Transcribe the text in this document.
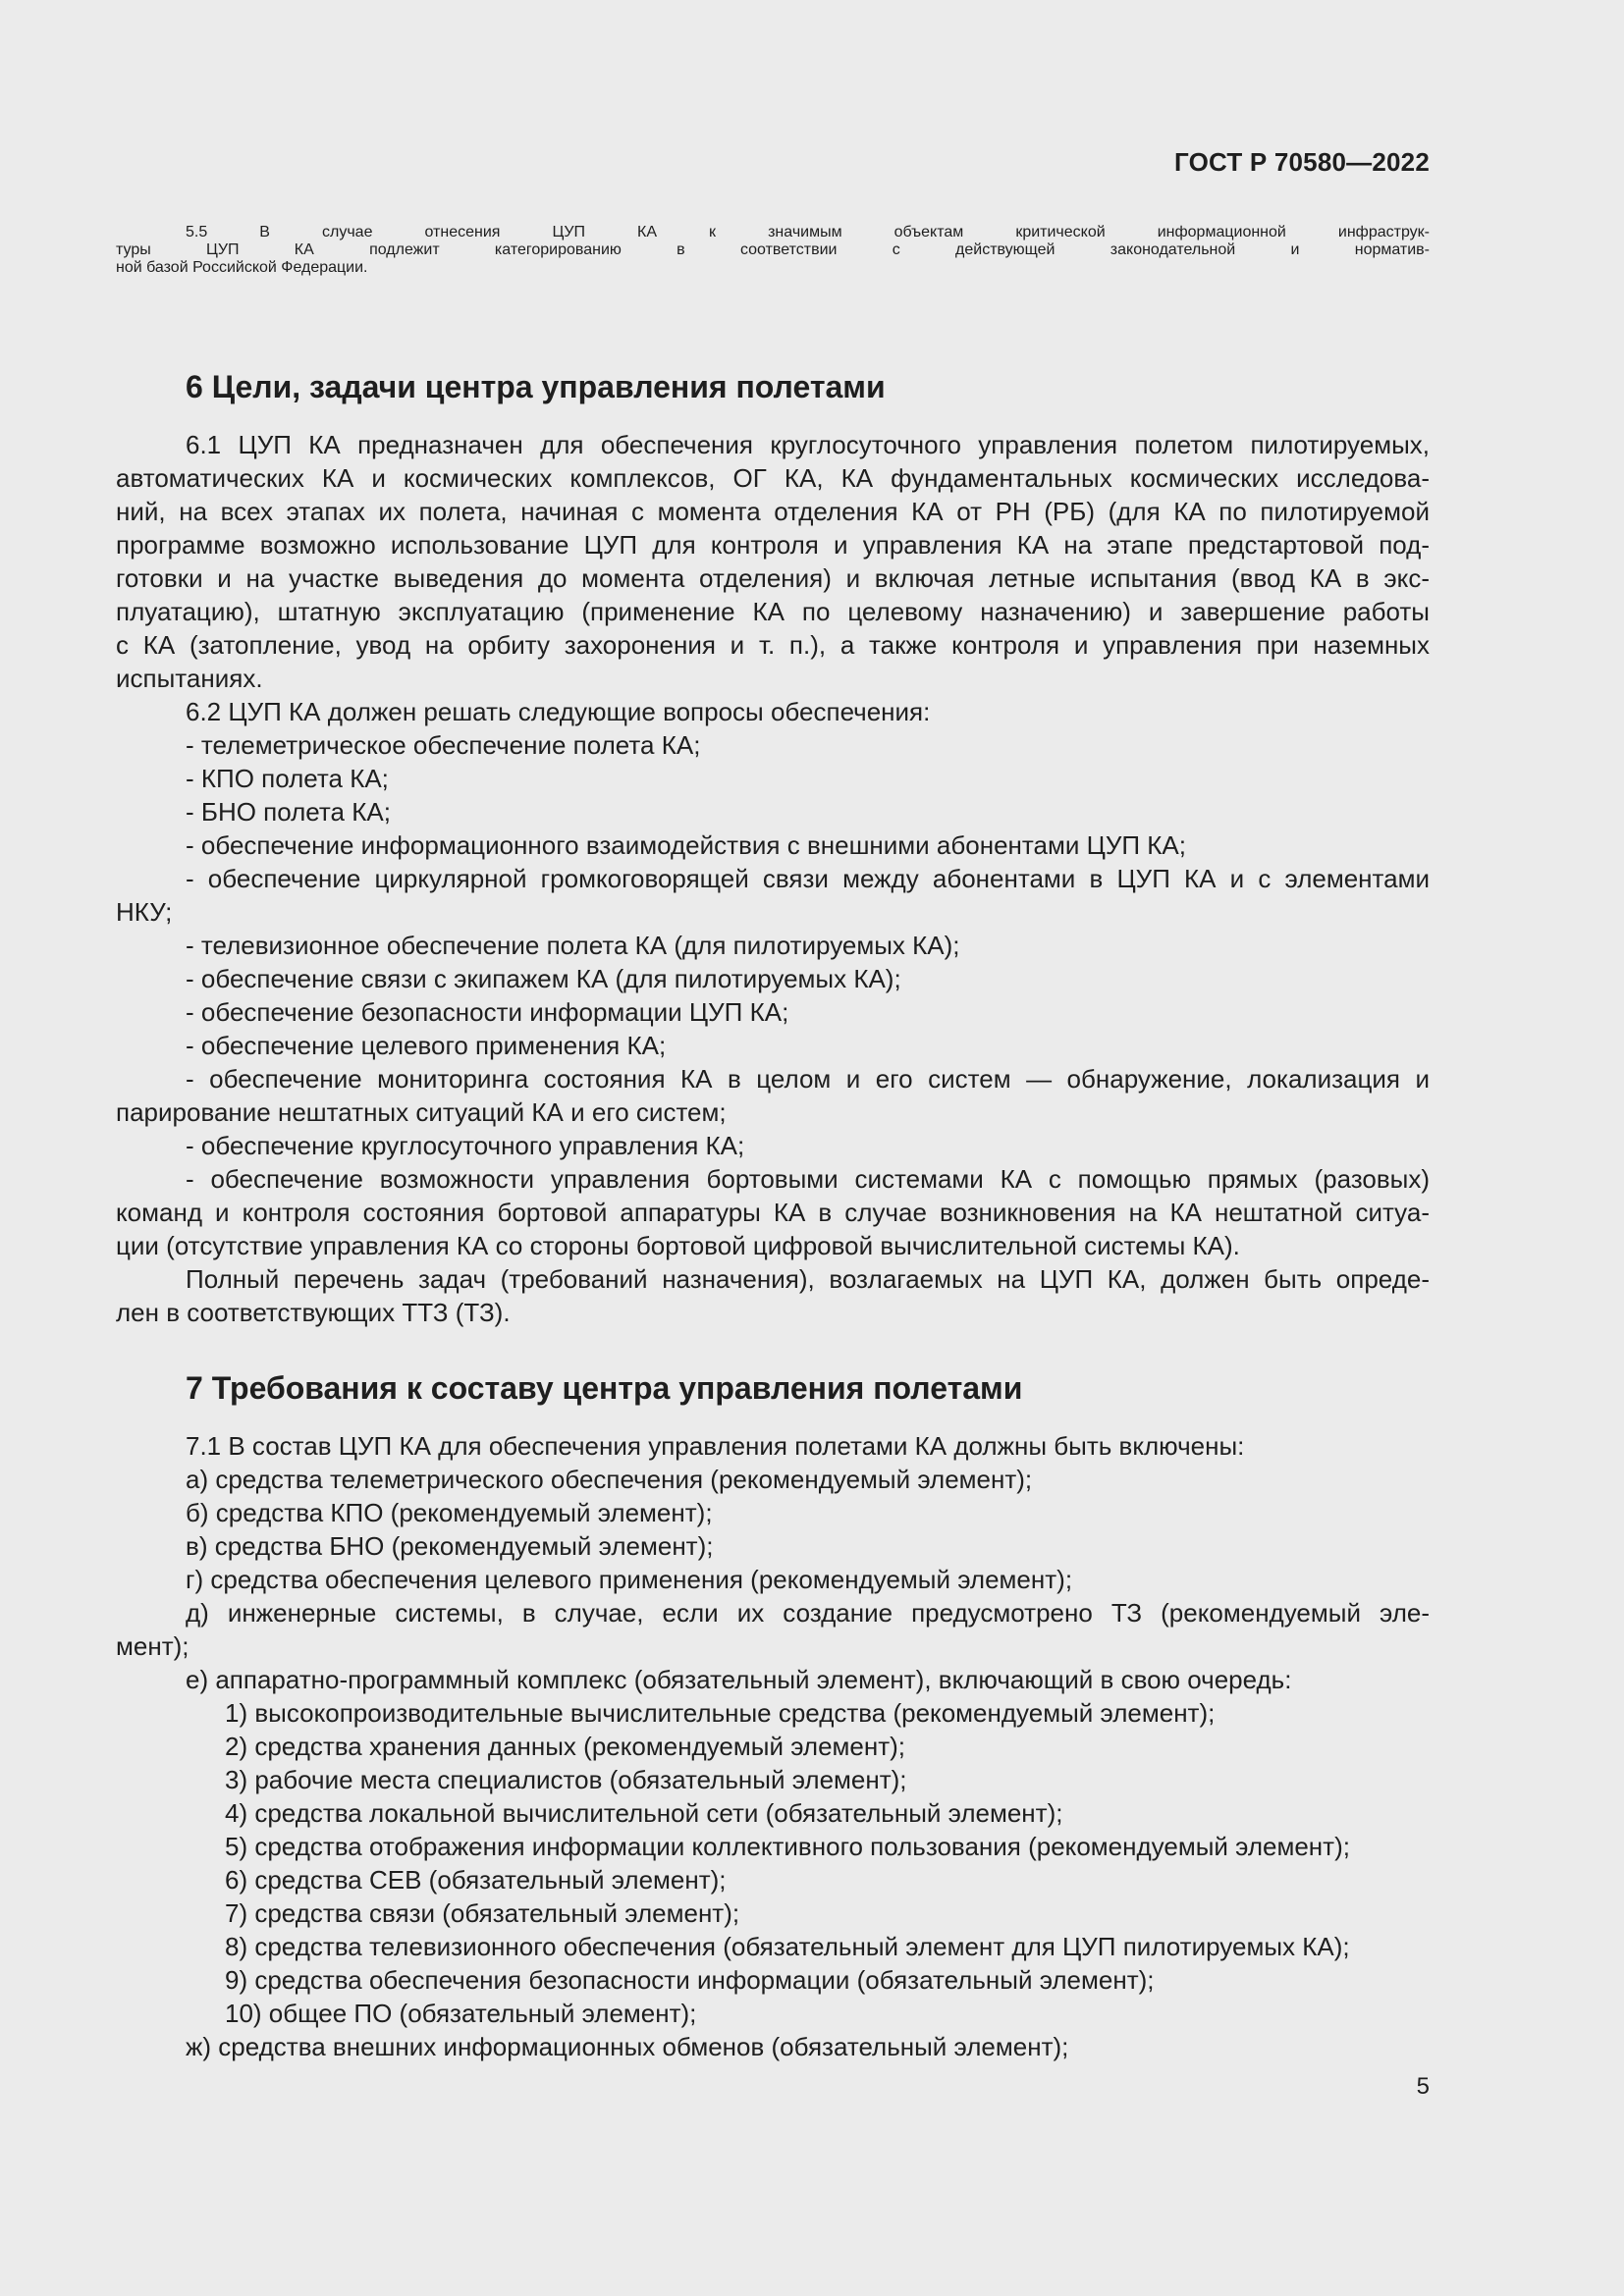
ГОСТ Р 70580—2022
5.5 В случае отнесения ЦУП КА к значимым объектам критической информационной инфраструк-
туры ЦУП КА подлежит категорированию в соответствии с действующей законодательной и норматив-
ной базой Российской Федерации.
6 Цели, задачи центра управления полетами
6.1 ЦУП КА предназначен для обеспечения круглосуточного управления полетом пилотируемых,
автоматических КА и космических комплексов, ОГ КА, КА фундаментальных космических исследова-
ний, на всех этапах их полета, начиная с момента отделения КА от РН (РБ) (для КА по пилотируемой
программе возможно использование ЦУП для контроля и управления КА на этапе предстартовой под-
готовки и на участке выведения до момента отделения) и включая летные испытания (ввод КА в экс-
плуатацию), штатную эксплуатацию (применение КА по целевому назначению) и завершение работы
с КА (затопление, увод на орбиту захоронения и т. п.), а также контроля и управления при наземных
испытаниях.
6.2 ЦУП КА должен решать следующие вопросы обеспечения:
- телеметрическое обеспечение полета КА;
- КПО полета КА;
- БНО полета КА;
- обеспечение информационного взаимодействия с внешними абонентами ЦУП КА;
- обеспечение циркулярной громкоговорящей связи между абонентами в ЦУП КА и с элементами
НКУ;
- телевизионное обеспечение полета КА (для пилотируемых КА);
- обеспечение связи с экипажем КА (для пилотируемых КА);
- обеспечение безопасности информации ЦУП КА;
- обеспечение целевого применения КА;
- обеспечение мониторинга состояния КА в целом и его систем — обнаружение, локализация и
парирование нештатных ситуаций КА и его систем;
- обеспечение круглосуточного управления КА;
- обеспечение возможности управления бортовыми системами КА с помощью прямых (разовых)
команд и контроля состояния бортовой аппаратуры КА в случае возникновения на КА нештатной ситуа-
ции (отсутствие управления КА со стороны бортовой цифровой вычислительной системы КА).
Полный перечень задач (требований назначения), возлагаемых на ЦУП КА, должен быть опреде-
лен в соответствующих ТТЗ (ТЗ).
7 Требования к составу центра управления полетами
7.1 В состав ЦУП КА для обеспечения управления полетами КА должны быть включены:
а) средства телеметрического обеспечения (рекомендуемый элемент);
б) средства КПО (рекомендуемый элемент);
в) средства БНО (рекомендуемый элемент);
г) средства обеспечения целевого применения (рекомендуемый элемент);
д) инженерные системы, в случае, если их создание предусмотрено ТЗ (рекомендуемый эле-
мент);
е) аппаратно-программный комплекс (обязательный элемент), включающий в свою очередь:
1) высокопроизводительные вычислительные средства (рекомендуемый элемент);
2) средства хранения данных (рекомендуемый элемент);
3) рабочие места специалистов (обязательный элемент);
4) средства локальной вычислительной сети (обязательный элемент);
5) средства отображения информации коллективного пользования (рекомендуемый элемент);
6) средства СЕВ (обязательный элемент);
7) средства связи (обязательный элемент);
8) средства телевизионного обеспечения (обязательный элемент для ЦУП пилотируемых КА);
9) средства обеспечения безопасности информации (обязательный элемент);
10) общее ПО (обязательный элемент);
ж) средства внешних информационных обменов (обязательный элемент);
5
